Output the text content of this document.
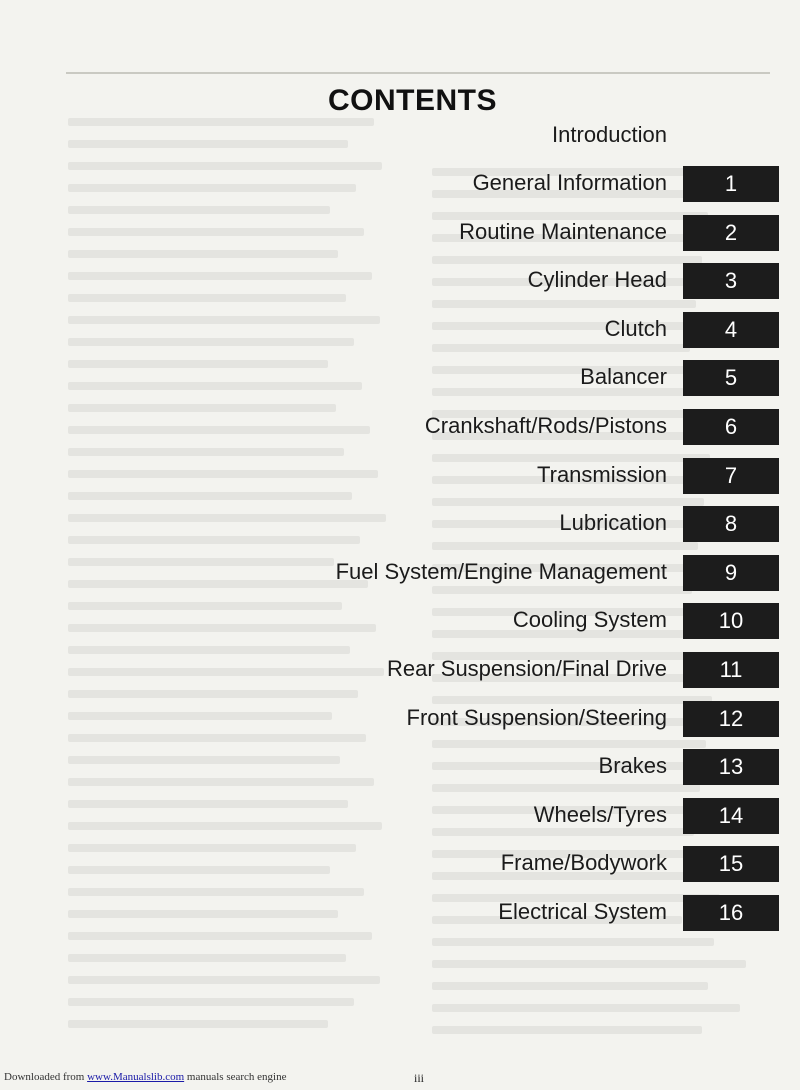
CONTENTS
Introduction
General Information	1
Routine Maintenance	2
Cylinder Head	3
Clutch	4
Balancer	5
Crankshaft/Rods/Pistons	6
Transmission	7
Lubrication	8
Fuel System/Engine Management	9
Cooling System	10
Rear Suspension/Final Drive	11
Front Suspension/Steering	12
Brakes	13
Wheels/Tyres	14
Frame/Bodywork	15
Electrical System	16
Downloaded from www.Manualslib.com manuals search engine	iii
